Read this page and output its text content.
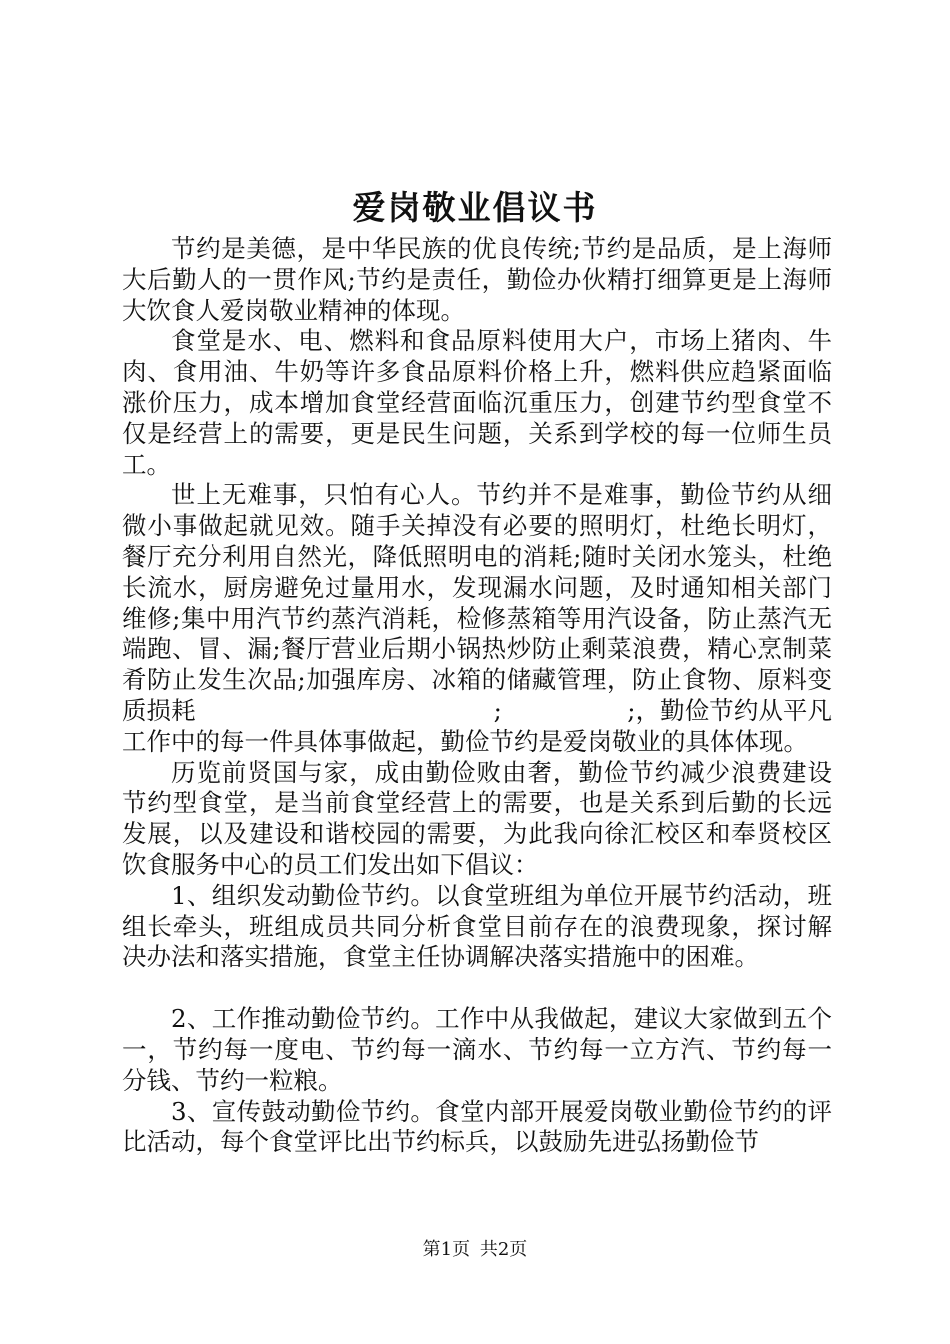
爱岗敬业倡议书

节约是美德，是中华民族的优良传统;节约是品质，是上海师大后勤人的一贯作风;节约是责任，勤俭办伙精打细算更是上海师大饮食人爱岗敬业精神的体现。

食堂是水、电、燃料和食品原料使用大户，市场上猪肉、牛肉、食用油、牛奶等许多食品原料价格上升，燃料供应趋紧面临涨价压力，成本增加食堂经营面临沉重压力，创建节约型食堂不仅是经营上的需要，更是民生问题，关系到学校的每一位师生员工。

世上无难事，只怕有心人。节约并不是难事，勤俭节约从细微小事做起就见效。随手关掉没有必要的照明灯，杜绝长明灯，餐厅充分利用自然光，降低照明电的消耗;随时关闭水笼头，杜绝长流水，厨房避免过量用水，发现漏水问题，及时通知相关部门维修;集中用汽节约蒸汽消耗，检修蒸箱等用汽设备，防止蒸汽无端跑、冒、漏;餐厅营业后期小锅热炒防止剩菜浪费，精心烹制菜肴防止发生次品;加强库房、冰箱的储藏管理，防止食物、原料变质损耗                                      ;                ;，勤俭节约从平凡工作中的每一件具体事做起，勤俭节约是爱岗敬业的具体体现。

历览前贤国与家，成由勤俭败由奢，勤俭节约减少浪费建设节约型食堂，是当前食堂经营上的需要，也是关系到后勤的长远发展，以及建设和谐校园的需要，为此我向徐汇校区和奉贤校区饮食服务中心的员工们发出如下倡议：

1、组织发动勤俭节约。以食堂班组为单位开展节约活动，班组长牵头，班组成员共同分析食堂目前存在的浪费现象，探讨解决办法和落实措施，食堂主任协调解决落实措施中的困难。

2、工作推动勤俭节约。工作中从我做起，建议大家做到五个一，节约每一度电、节约每一滴水、节约每一立方汽、节约每一分钱、节约一粒粮。

3、宣传鼓动勤俭节约。食堂内部开展爱岗敬业勤俭节约的评比活动，每个食堂评比出节约标兵，以鼓励先进弘扬勤俭节

第1页 共2页
